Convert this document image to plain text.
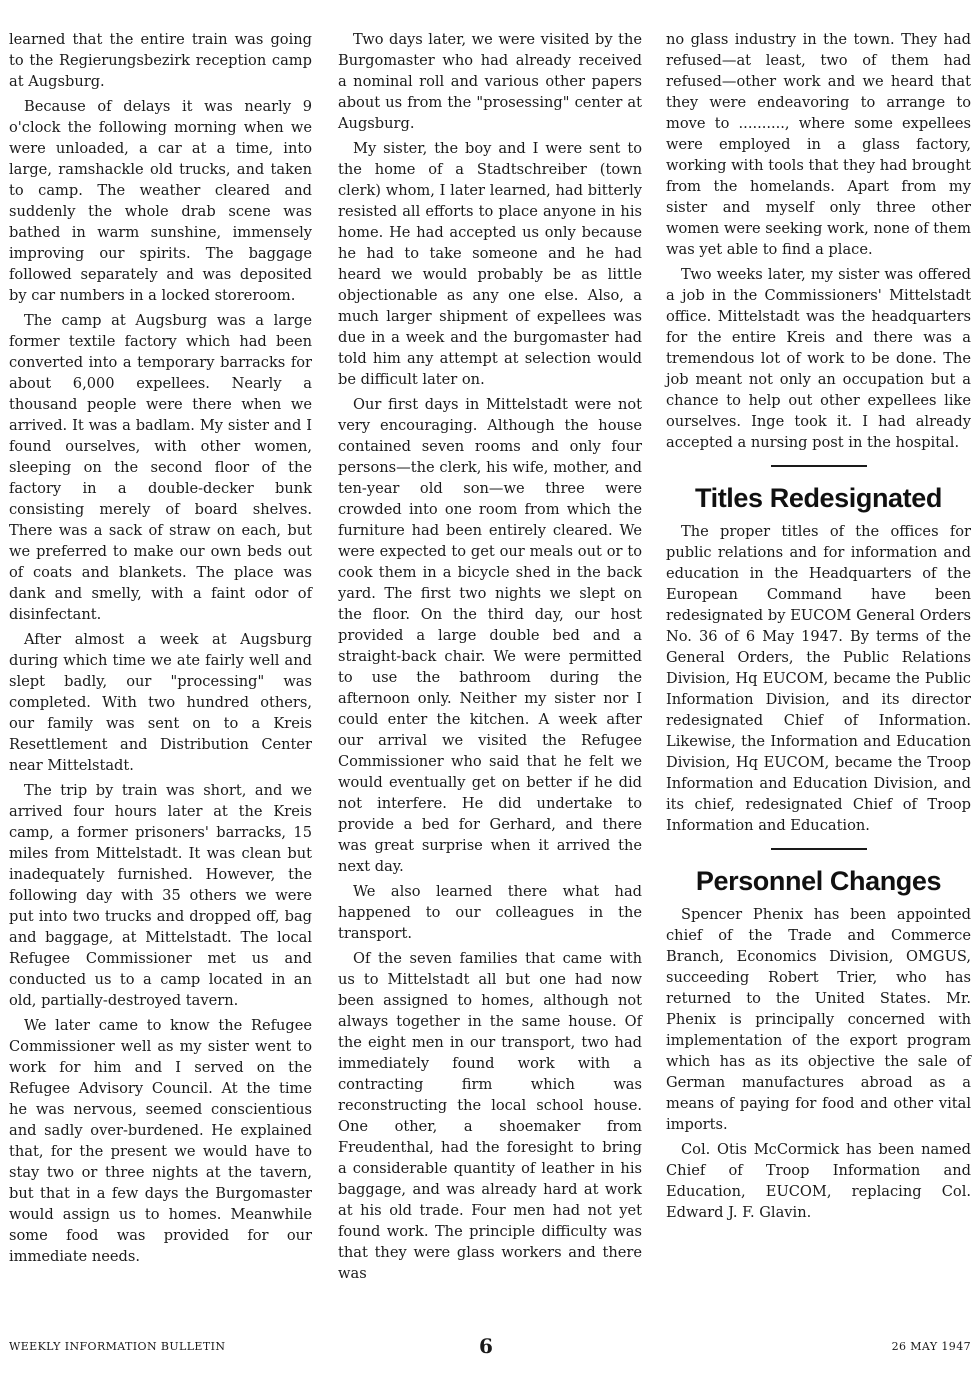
learned that the entire train was going to the Regierungsbezirk reception camp at Augsburg.

Because of delays it was nearly 9 o'clock the following morning when we were unloaded, a car at a time, into large, ramshackle old trucks, and taken to camp. The weather cleared and suddenly the whole drab scene was bathed in warm sunshine, immensely improving our spirits. The baggage followed separately and was deposited by car numbers in a locked storeroom.

The camp at Augsburg was a large former textile factory which had been converted into a temporary barracks for about 6,000 expellees. Nearly a thousand people were there when we arrived. It was a badlam. My sister and I found ourselves, with other women, sleeping on the second floor of the factory in a double-decker bunk consisting merely of board shelves. There was a sack of straw on each, but we preferred to make our own beds out of coats and blankets. The place was dank and smelly, with a faint odor of disinfectant.

After almost a week at Augsburg during which time we ate fairly well and slept badly, our "processing" was completed. With two hundred others, our family was sent on to a Kreis Resettlement and Distribution Center near Mittelstadt.

The trip by train was short, and we arrived four hours later at the Kreis camp, a former prisoners' barracks, 15 miles from Mittelstadt. It was clean but inadequately furnished. However, the following day with 35 others we were put into two trucks and dropped off, bag and baggage, at Mittelstadt. The local Refugee Commissioner met us and conducted us to a camp located in an old, partially-destroyed tavern.

We later came to know the Refugee Commissioner well as my sister went to work for him and I served on the Refugee Advisory Council. At the time he was nervous, seemed conscientious and sadly over-burdened. He explained that, for the present we would have to stay two or three nights at the tavern, but that in a few days the Burgomaster would assign us to homes. Meanwhile some food was provided for our immediate needs.

Two days later, we were visited by the Burgomaster who had already received a nominal roll and various other papers about us from the "prosessing" center at Augsburg.

My sister, the boy and I were sent to the home of a Stadtschreiber (town clerk) whom, I later learned, had bitterly resisted all efforts to place anyone in his home. He had accepted us only because he had to take someone and he had heard we would probably be as little objectionable as any one else. Also, a much larger shipment of expellees was due in a week and the burgomaster had told him any attempt at selection would be difficult later on.

Our first days in Mittelstadt were not very encouraging. Although the house contained seven rooms and only four persons—the clerk, his wife, mother, and ten-year old son—we three were crowded into one room from which the furniture had been entirely cleared. We were expected to get our meals out or to cook them in a bicycle shed in the back yard. The first two nights we slept on the floor. On the third day, our host provided a large double bed and a straight-back chair. We were permitted to use the bathroom during the afternoon only. Neither my sister nor I could enter the kitchen. A week after our arrival we visited the Refugee Commissioner who said that he felt we would eventually get on better if he did not interfere. He did undertake to provide a bed for Gerhard, and there was great surprise when it arrived the next day.

We also learned there what had happened to our colleagues in the transport.

Of the seven families that came with us to Mittelstadt all but one had now been assigned to homes, although not always together in the same house. Of the eight men in our transport, two had immediately found work with a contracting firm which was reconstructing the local school house. One other, a shoemaker from Freudenthal, had the foresight to bring a considerable quantity of leather in his baggage, and was already hard at work at his old trade. Four men had not yet found work. The principle difficulty was that they were glass workers and there was

no glass industry in the town. They had refused—at least, two of them had refused—other work and we heard that they were endeavoring to arrange to move to .........., where some expellees were employed in a glass factory, working with tools that they had brought from the homelands. Apart from my sister and myself only three other women were seeking work, none of them was yet able to find a place.

Two weeks later, my sister was offered a job in the Commissioners' Mittelstadt office. Mittelstadt was the headquarters for the entire Kreis and there was a tremendous lot of work to be done. The job meant not only an occupation but a chance to help out other expellees like ourselves. Inge took it. I had already accepted a nursing post in the hospital.

Titles Redesignated

The proper titles of the offices for public relations and for information and education in the Headquarters of the European Command have been redesignated by EUCOM General Orders No. 36 of 6 May 1947. By terms of the General Orders, the Public Relations Division, Hq EUCOM, became the Public Information Division, and its director redesignated Chief of Information. Likewise, the Information and Education Division, Hq EUCOM, became the Troop Information and Education Division, and its chief, redesignated Chief of Troop Information and Education.

Personnel Changes

Spencer Phenix has been appointed chief of the Trade and Commerce Branch, Economics Division, OMGUS, succeeding Robert Trier, who has returned to the United States. Mr. Phenix is principally concerned with implementation of the export program which has as its objective the sale of German manufactures abroad as a means of paying for food and other vital imports.

Col. Otis McCormick has been named Chief of Troop Information and Education, EUCOM, replacing Col. Edward J. F. Glavin.

WEEKLY INFORMATION BULLETIN	6	26 MAY 1947
